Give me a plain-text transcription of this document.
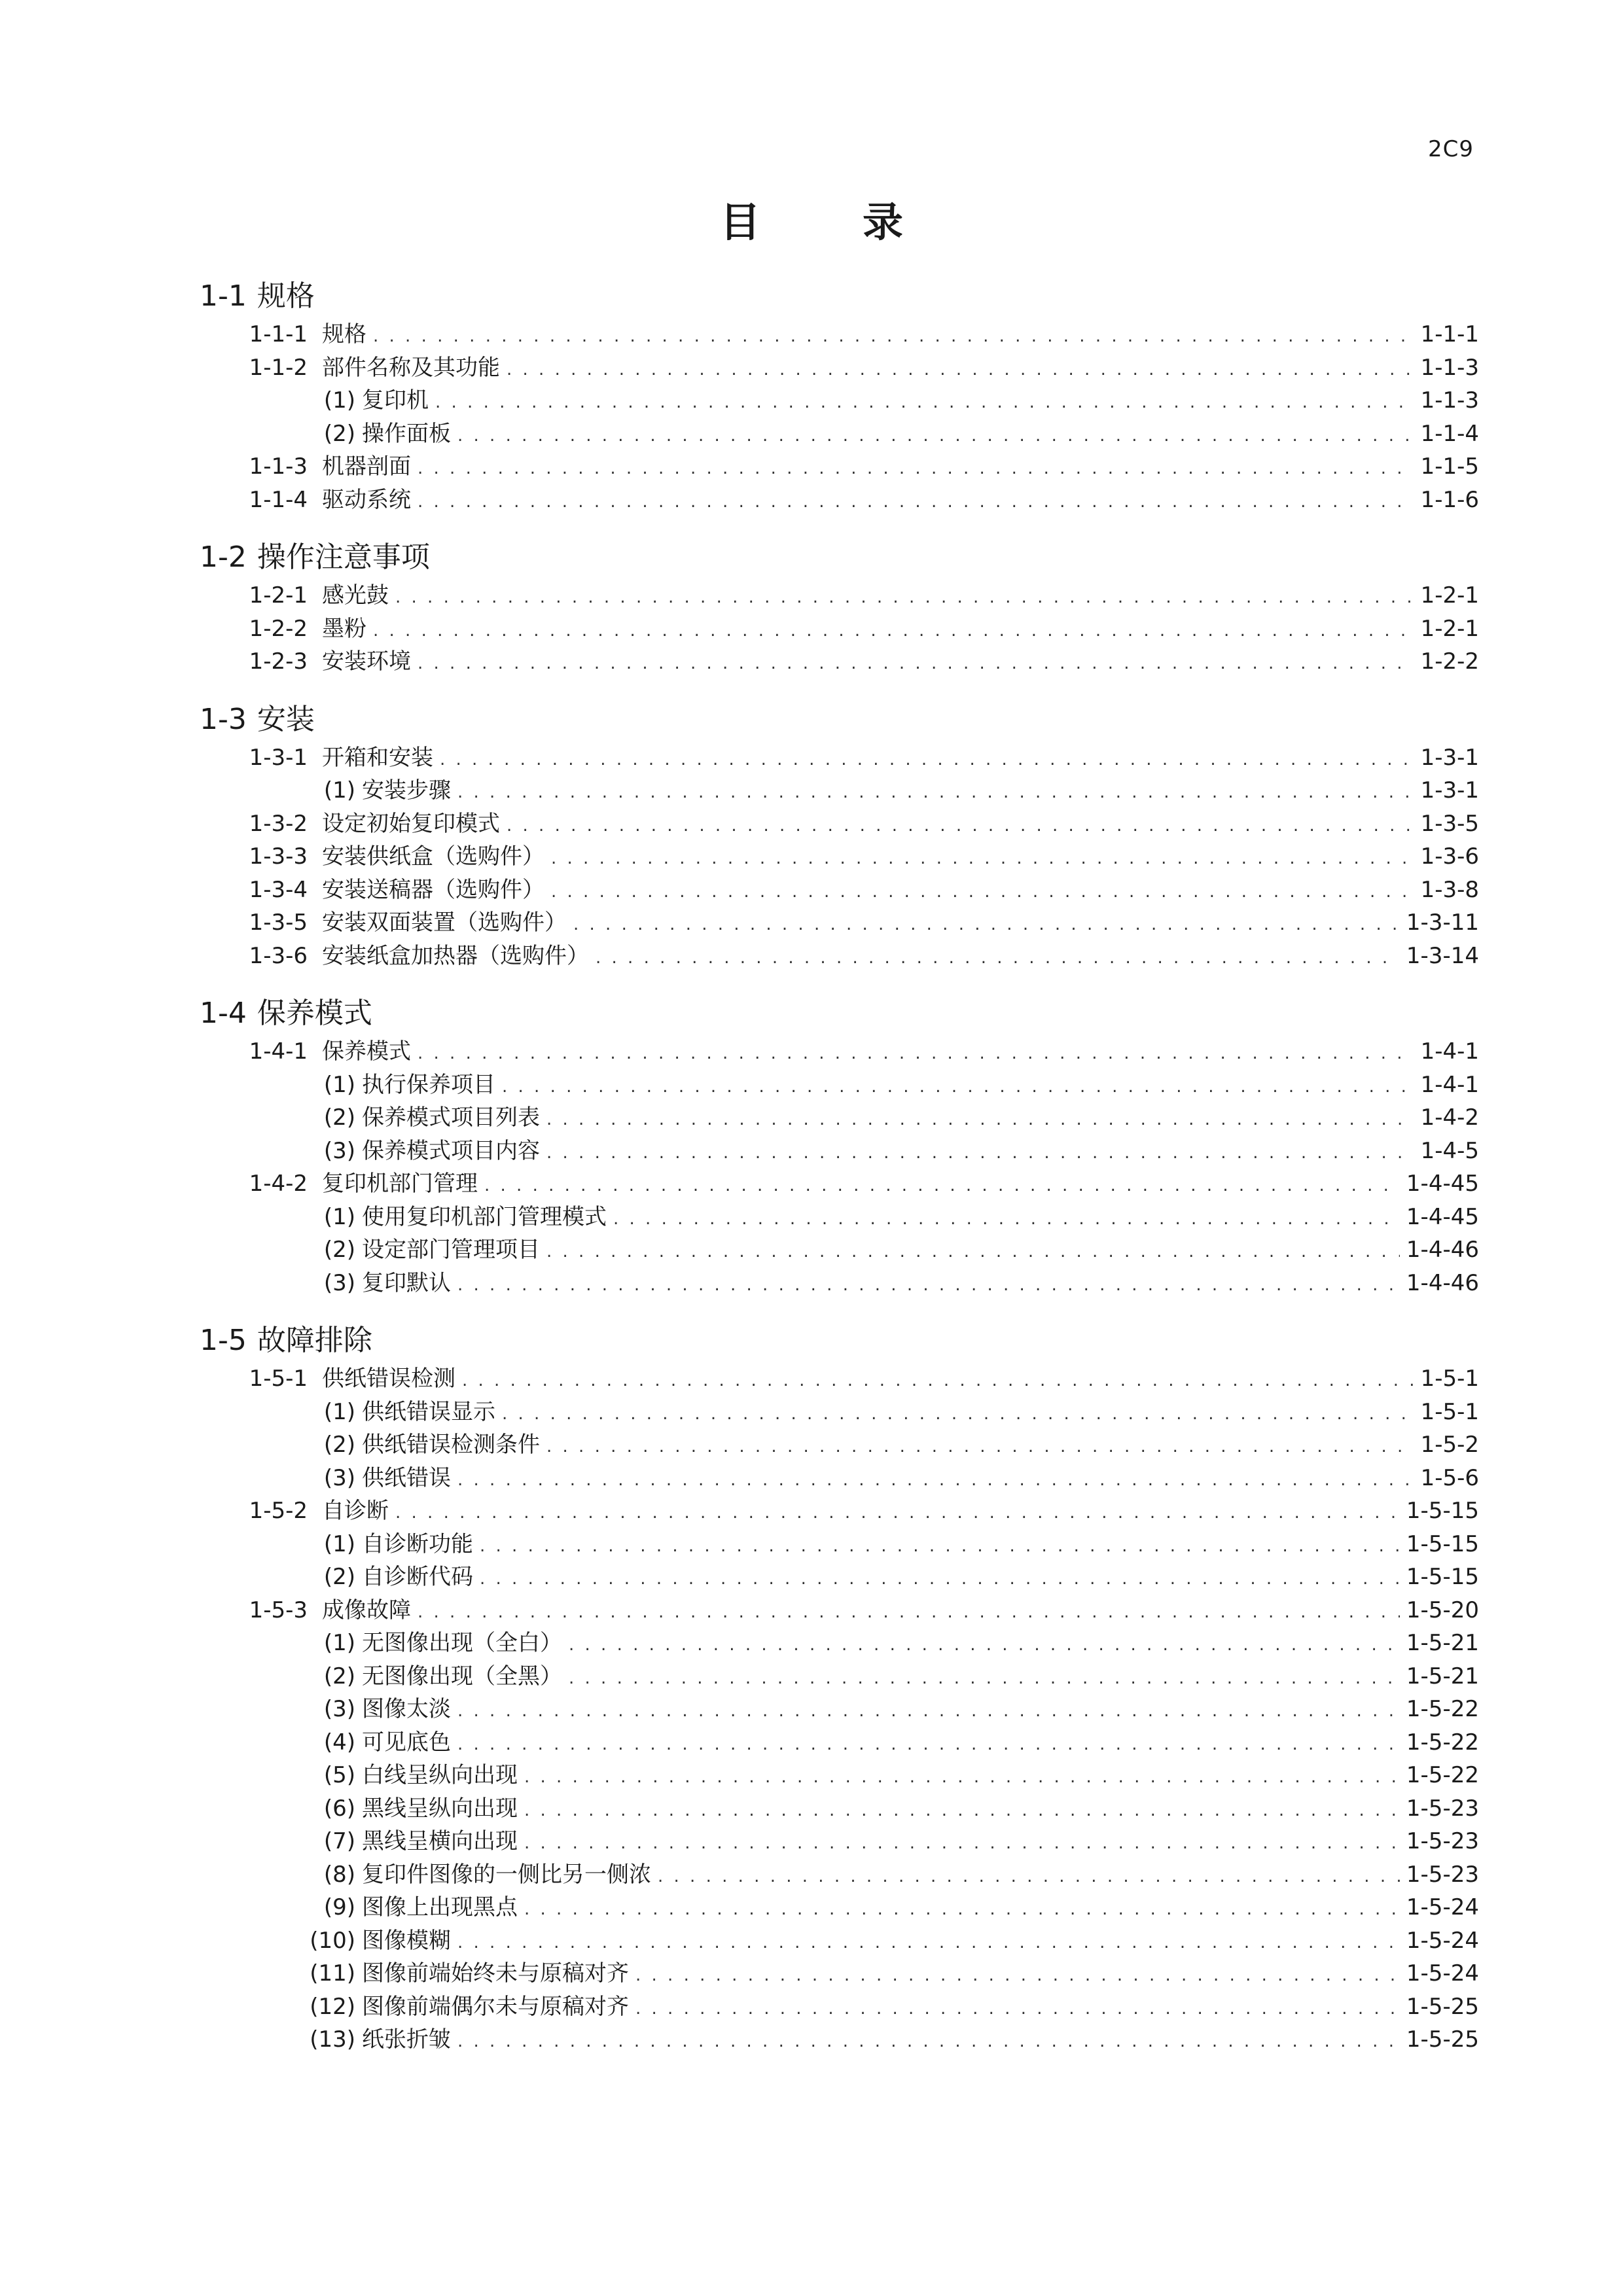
2C9
目	录
1-1 规格
1-1-1 规格 . . .	1-1-1
1-1-2 部件名称及其功能 . . .	1-1-3
(1) 复印机 . . .	1-1-3
(2) 操作面板 . . .	1-1-4
1-1-3 机器剖面 . . .	1-1-5
1-1-4 驱动系统 . . .	1-1-6
1-2 操作注意事项
1-2-1 感光鼓 . . .	1-2-1
1-2-2 墨粉 . . .	1-2-1
1-2-3 安装环境 . . .	1-2-2
1-3 安装
1-3-1 开箱和安装 . . .	1-3-1
(1) 安装步骤 . . .	1-3-1
1-3-2 设定初始复印模式 . . .	1-3-5
1-3-3 安装供纸盒（选购件） . . .	1-3-6
1-3-4 安装送稿器（选购件） . . .	1-3-8
1-3-5 安装双面装置（选购件） . . .	1-3-11
1-3-6 安装纸盒加热器（选购件） . . .	1-3-14
1-4 保养模式
1-4-1 保养模式 . . .	1-4-1
(1) 执行保养项目 . . .	1-4-1
(2) 保养模式项目列表 . . .	1-4-2
(3) 保养模式项目内容 . . .	1-4-5
1-4-2 复印机部门管理 . . .	1-4-45
(1) 使用复印机部门管理模式 . . .	1-4-45
(2) 设定部门管理项目 . . .	1-4-46
(3) 复印默认 . . .	1-4-46
1-5 故障排除
1-5-1 供纸错误检测 . . .	1-5-1
(1) 供纸错误显示 . . .	1-5-1
(2) 供纸错误检测条件 . . .	1-5-2
(3) 供纸错误 . . .	1-5-6
1-5-2 自诊断 . . .	1-5-15
(1) 自诊断功能 . . .	1-5-15
(2) 自诊断代码 . . .	1-5-15
1-5-3 成像故障 . . .	1-5-20
(1) 无图像出现（全白） . . .	1-5-21
(2) 无图像出现（全黑） . . .	1-5-21
(3) 图像太淡 . . .	1-5-22
(4) 可见底色 . . .	1-5-22
(5) 白线呈纵向出现 . . .	1-5-22
(6) 黑线呈纵向出现 . . .	1-5-23
(7) 黑线呈横向出现 . . .	1-5-23
(8) 复印件图像的一侧比另一侧浓 . . .	1-5-23
(9) 图像上出现黑点 . . .	1-5-24
(10) 图像模糊 . . .	1-5-24
(11) 图像前端始终未与原稿对齐 . . .	1-5-24
(12) 图像前端偶尔未与原稿对齐 . . .	1-5-25
(13) 纸张折皱 . . .	1-5-25
